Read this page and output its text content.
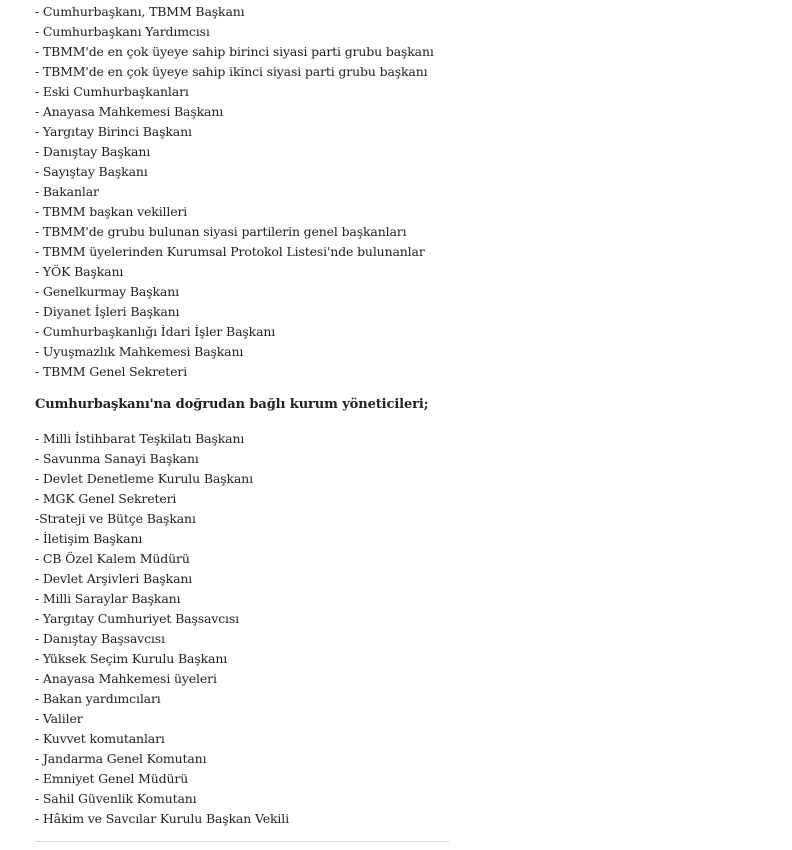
- Cumhurbaşkanı, TBMM Başkanı
- Cumhurbaşkanı Yardımcısı
- TBMM'de en çok üyeye sahip birinci siyasi parti grubu başkanı
- TBMM'de en çok üyeye sahip ikinci siyasi parti grubu başkanı
- Eski Cumhurbaşkanları
- Anayasa Mahkemesi Başkanı
- Yargıtay Birinci Başkanı
- Danıştay Başkanı
- Sayıştay Başkanı
- Bakanlar
- TBMM başkan vekilleri
- TBMM'de grubu bulunan siyasi partilerin genel başkanları
- TBMM üyelerinden Kurumsal Protokol Listesi'nde bulunanlar
- YÖK Başkanı
- Genelkurmay Başkanı
- Diyanet İşleri Başkanı
- Cumhurbaşkanlığı İdari İşler Başkanı
- Uyuşmazlık Mahkemesi Başkanı
- TBMM Genel Sekreteri
Cumhurbaşkanı'na doğrudan bağlı kurum yöneticileri;
- Milli İstihbarat Teşkilatı Başkanı
- Savunma Sanayi Başkanı
- Devlet Denetleme Kurulu Başkanı
- MGK Genel Sekreteri
-Strateji ve Bütçe Başkanı
- İletişim Başkanı
- CB Özel Kalem Müdürü
- Devlet Arşivleri Başkanı
- Milli Saraylar Başkanı
- Yargıtay Cumhuriyet Başsavcısı
- Danıştay Başsavcısı
- Yüksek Seçim Kurulu Başkanı
- Anayasa Mahkemesi üyeleri
- Bakan yardımcıları
- Valiler
- Kuvvet komutanları
- Jandarma Genel Komutanı
- Emniyet Genel Müdürü
- Sahil Güvenlik Komutanı
- Hâkim ve Savcılar Kurulu Başkan Vekili
